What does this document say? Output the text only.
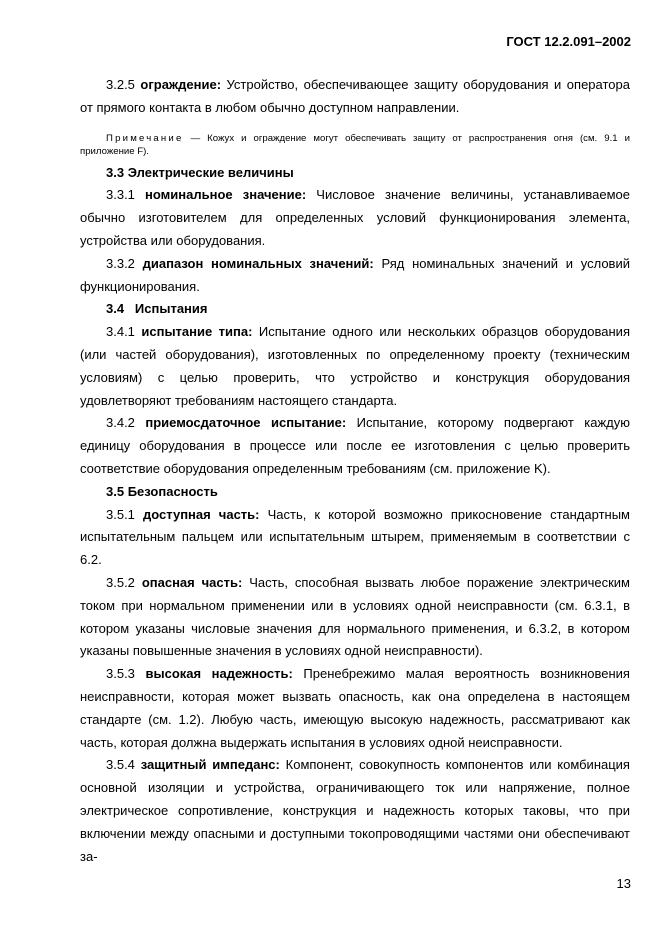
ГОСТ 12.2.091–2002

3.2.5 ограждение: Устройство, обеспечивающее защиту оборудования и оператора от прямого контакта в любом обычно доступном направлении.

Примечание — Кожух и ограждение могут обеспечивать защиту от распространения огня (см. 9.1 и приложение F).

3.3 Электрические величины

3.3.1 номинальное значение: Числовое значение величины, устанавливаемое обычно изготовителем для определенных условий функционирования элемента, устройства или оборудования.

3.3.2 диапазон номинальных значений: Ряд номинальных значений и условий функционирования.

3.4 Испытания

3.4.1 испытание типа: Испытание одного или нескольких образцов оборудования (или частей оборудования), изготовленных по определенному проекту (техническим условиям) с целью проверить, что устройство и конструкция оборудования удовлетворяют требованиям настоящего стандарта.

3.4.2 приемосдаточное испытание: Испытание, которому подвергают каждую единицу оборудования в процессе или после ее изготовления с целью проверить соответствие оборудования определенным требованиям (см. приложение K).

3.5 Безопасность

3.5.1 доступная часть: Часть, к которой возможно прикосновение стандартным испытательным пальцем или испытательным штырем, применяемым в соответствии с 6.2.

3.5.2 опасная часть: Часть, способная вызвать любое поражение электрическим током при нормальном применении или в условиях одной неисправности (см. 6.3.1, в котором указаны числовые значения для нормального применения, и 6.3.2, в котором указаны повышенные значения в условиях одной неисправности).

3.5.3 высокая надежность: Пренебрежимо малая вероятность возникновения неисправности, которая может вызвать опасность, как она определена в настоящем стандарте (см. 1.2). Любую часть, имеющую высокую надежность, рассматривают как часть, которая должна выдержать испытания в условиях одной неисправности.

3.5.4 защитный импеданс: Компонент, совокупность компонентов или комбинация основной изоляции и устройства, ограничивающего ток или напряжение, полное электрическое сопротивление, конструкция и надежность которых таковы, что при включении между опасными и доступными токопроводящими частями они обеспечивают за-

13
